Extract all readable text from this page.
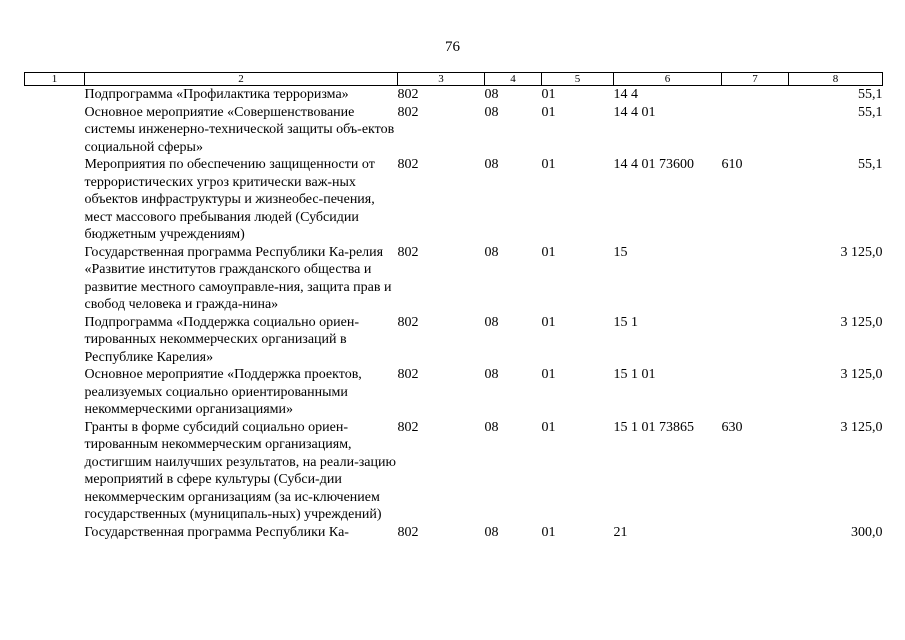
76
1	2	3	4	5	6	7	8
	Подпрограмма «Профилактика терроризма»	802	08	01	14 4		55,1
	Основное мероприятие «Совершенствование системы инженерно-технической защиты объ-ектов социальной сферы»	802	08	01	14 4 01		55,1
	Мероприятия по обеспечению защищенности от террористических угроз критически важ-ных объектов инфраструктуры и жизнеобес-печения, мест массового пребывания людей (Субсидии бюджетным учреждениям)	802	08	01	14 4 01 73600	610	55,1
	Государственная программа Республики Ка-релия «Развитие институтов гражданского общества и развитие местного самоуправле-ния, защита прав и свобод человека и гражда-нина»	802	08	01	15		3 125,0
	Подпрограмма «Поддержка социально ориен-тированных некоммерческих организаций в Республике Карелия»	802	08	01	15 1		3 125,0
	Основное мероприятие «Поддержка проектов, реализуемых социально ориентированными некоммерческими организациями»	802	08	01	15 1 01		3 125,0
	Гранты в форме субсидий социально ориен-тированным некоммерческим организациям, достигшим наилучших результатов, на реали-зацию мероприятий в сфере культуры (Субси-дии некоммерческим организациям (за ис-ключением государственных (муниципаль-ных) учреждений)	802	08	01	15 1 01 73865	630	3 125,0
	Государственная программа Республики Ка-	802	08	01	21		300,0
